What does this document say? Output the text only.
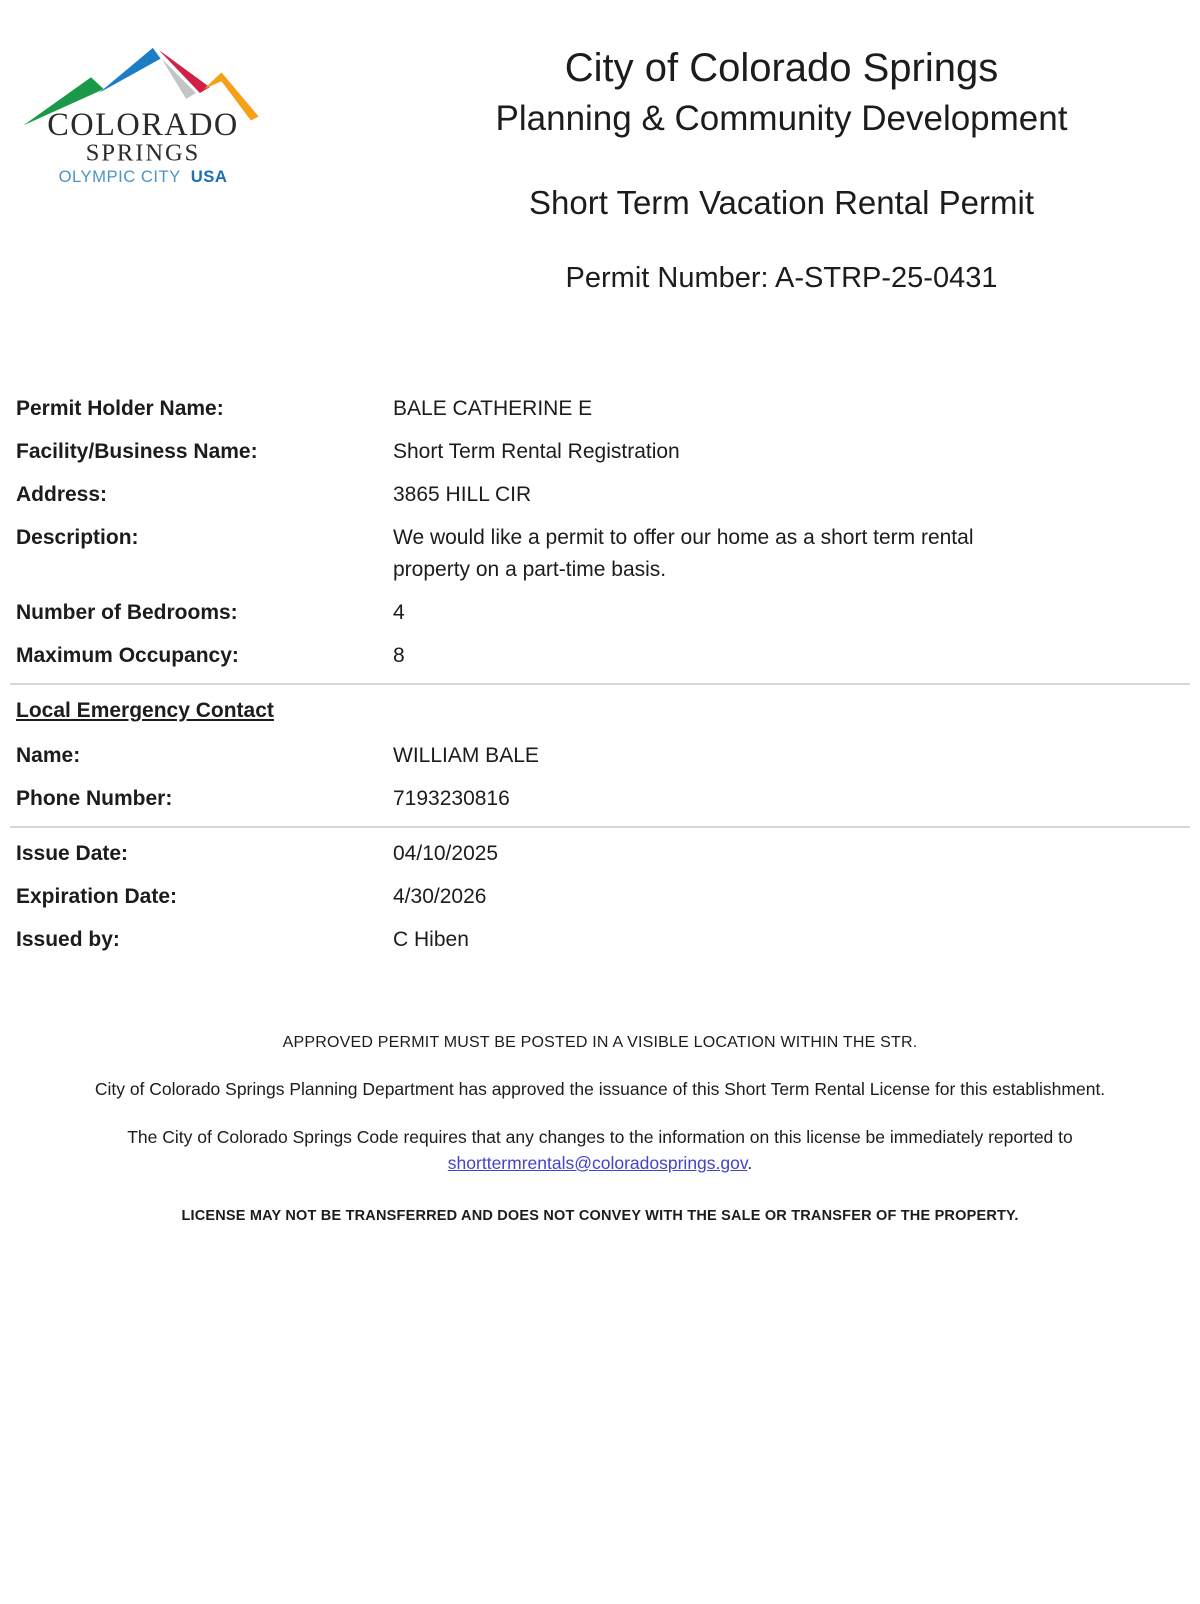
COLORADO
SPRINGS
OLYMPIC CITY USA
City of Colorado Springs
Planning & Community Development
Short Term Vacation Rental Permit
Permit Number: A-STRP-25-0431
Permit Holder Name:	BALE CATHERINE E
Facility/Business Name:	Short Term Rental Registration
Address:	3865 HILL CIR
Description:	We would like a permit to offer our home as a short term rental property on a part-time basis.
Number of Bedrooms:	4
Maximum Occupancy:	8
Local Emergency Contact
Name:	WILLIAM BALE
Phone Number:	7193230816
Issue Date:	04/10/2025
Expiration Date:	4/30/2026
Issued by:	C Hiben

APPROVED PERMIT MUST BE POSTED IN A VISIBLE LOCATION WITHIN THE STR.

City of Colorado Springs Planning Department has approved the issuance of this Short Term Rental License for this establishment.

The City of Colorado Springs Code requires that any changes to the information on this license be immediately reported to shorttermrentals@coloradosprings.gov.

LICENSE MAY NOT BE TRANSFERRED AND DOES NOT CONVEY WITH THE SALE OR TRANSFER OF THE PROPERTY.
